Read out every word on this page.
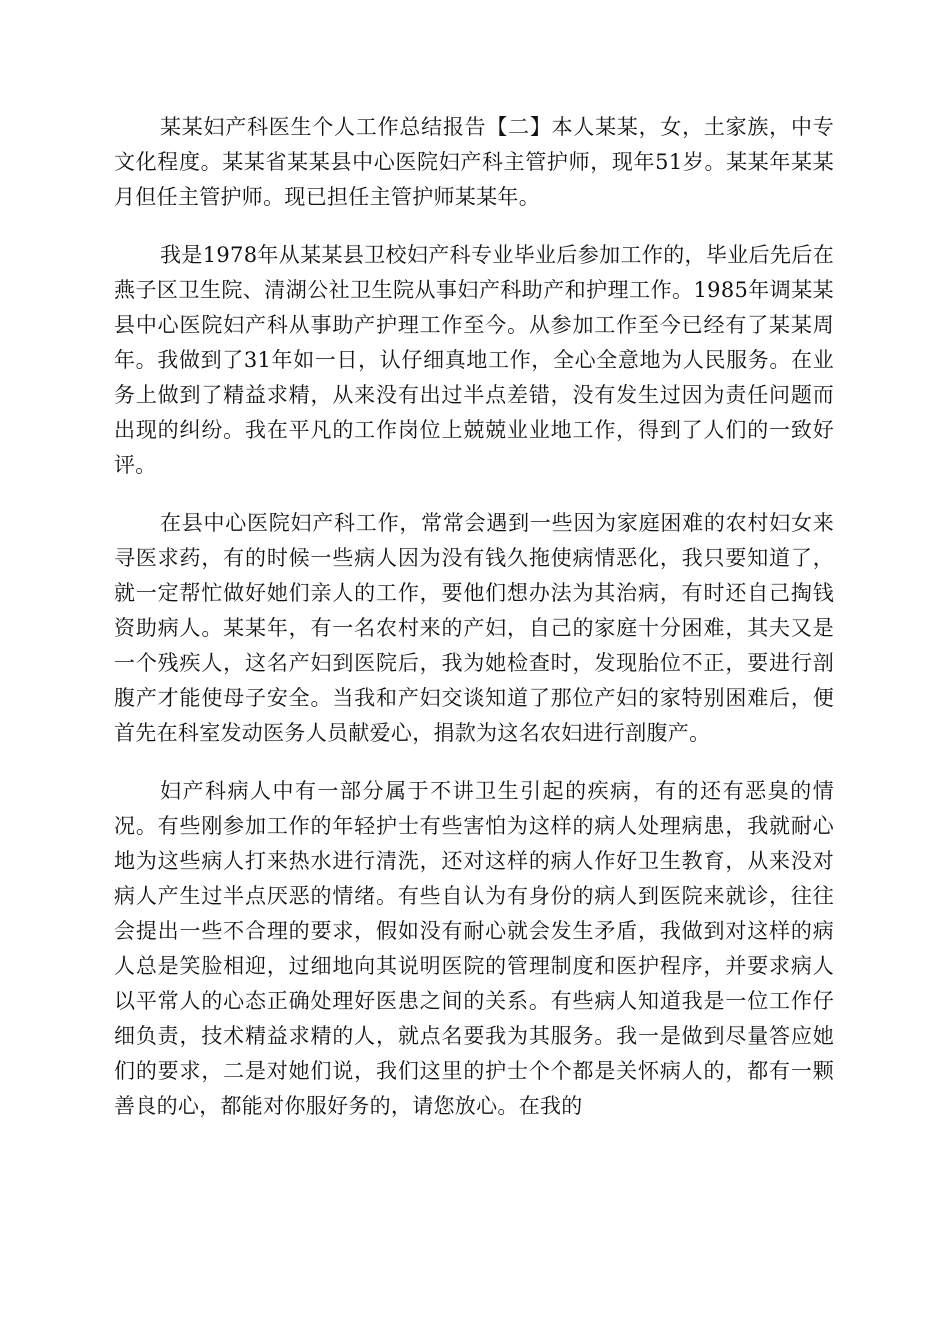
某某妇产科医生个人工作总结报告【二】本人某某，女，土家族，中专文化程度。某某省某某县中心医院妇产科主管护师，现年51岁。某某年某某月但任主管护师。现已担任主管护师某某年。

我是1978年从某某县卫校妇产科专业毕业后参加工作的，毕业后先后在燕子区卫生院、清湖公社卫生院从事妇产科助产和护理工作。1985年调某某县中心医院妇产科从事助产护理工作至今。从参加工作至今已经有了某某周年。我做到了31年如一日，认仔细真地工作，全心全意地为人民服务。在业务上做到了精益求精，从来没有出过半点差错，没有发生过因为责任问题而出现的纠纷。我在平凡的工作岗位上兢兢业业地工作，得到了人们的一致好评。

在县中心医院妇产科工作，常常会遇到一些因为家庭困难的农村妇女来寻医求药，有的时候一些病人因为没有钱久拖使病情恶化，我只要知道了，就一定帮忙做好她们亲人的工作，要他们想办法为其治病，有时还自己掏钱资助病人。某某年，有一名农村来的产妇，自己的家庭十分困难，其夫又是一个残疾人，这名产妇到医院后，我为她检查时，发现胎位不正，要进行剖腹产才能使母子安全。当我和产妇交谈知道了那位产妇的家特别困难后，便首先在科室发动医务人员献爱心，捐款为这名农妇进行剖腹产。

妇产科病人中有一部分属于不讲卫生引起的疾病，有的还有恶臭的情况。有些刚参加工作的年轻护士有些害怕为这样的病人处理病患，我就耐心地为这些病人打来热水进行清洗，还对这样的病人作好卫生教育，从来没对病人产生过半点厌恶的情绪。有些自认为有身份的病人到医院来就诊，往往会提出一些不合理的要求，假如没有耐心就会发生矛盾，我做到对这样的病人总是笑脸相迎，过细地向其说明医院的管理制度和医护程序，并要求病人以平常人的心态正确处理好医患之间的关系。有些病人知道我是一位工作仔细负责，技术精益求精的人，就点名要我为其服务。我一是做到尽量答应她们的要求，二是对她们说，我们这里的护士个个都是关怀病人的，都有一颗善良的心，都能对你服好务的，请您放心。在我的
